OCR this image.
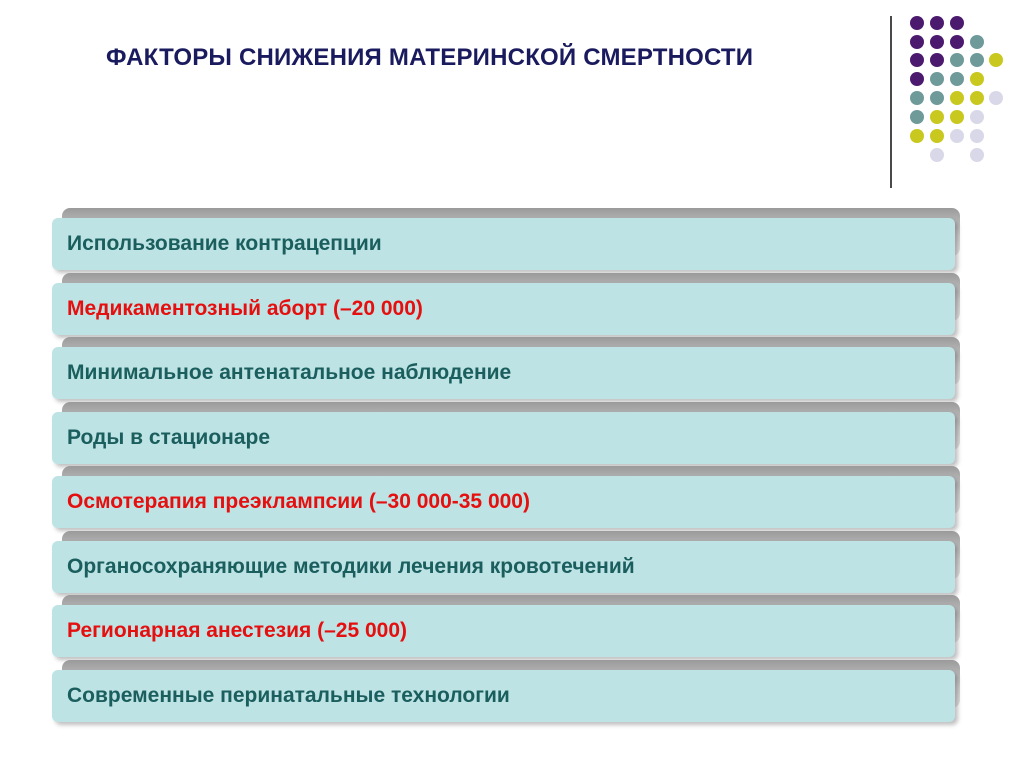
ФАКТОРЫ СНИЖЕНИЯ МАТЕРИНСКОЙ СМЕРТНОСТИ
Использование контрацепции
Медикаментозный аборт (–20 000)
Минимальное антенатальное наблюдение
Роды в стационаре
Осмотерапия преэклампсии (–30 000-35 000)
Органосохраняющие методики лечения кровотечений
Регионарная анестезия (–25 000)
Современные перинатальные технологии
